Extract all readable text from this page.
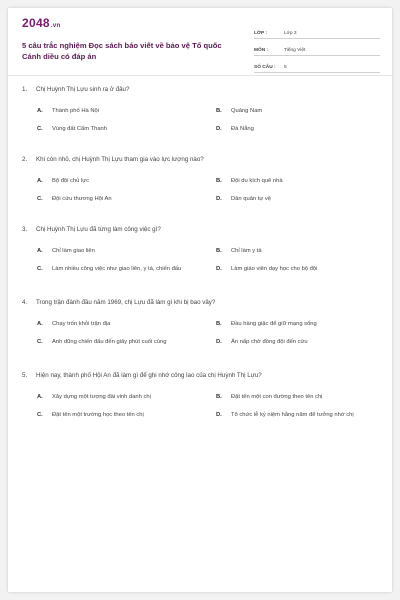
2048.vn
5 câu trắc nghiệm Đọc sách báo viết về bảo vệ Tổ quốc Cánh diều có đáp án
LỚP :	Lớp 3
MÔN :	Tiếng Việt
SỐ CÂU :	5
1.	Chị Huỳnh Thị Lựu sinh ra ở đâu?
A.	Thành phố Hà Nội	B.	Quảng Nam
C.	Vùng đất Cẩm Thanh	D.	Đà Nẵng
2.	Khi còn nhỏ, chị Huỳnh Thị Lựu tham gia vào lực lượng nào?
A.	Bộ đội chủ lực	B.	Đội du kích quê nhà
C.	Đội cứu thương Hội An	D.	Dân quân tự vệ
3.	Chị Huỳnh Thị Lựu đã từng làm công việc gì?
A.	Chỉ làm giao liên	B.	Chỉ làm y tá
C.	Làm nhiều công việc như giao liên, y tá, chiến đấu	D.	Làm giáo viên dạy học cho bộ đội
4.	Trong trận đánh đầu năm 1969, chị Lựu đã làm gì khi bị bao vây?
A.	Chạy trốn khỏi trận địa	B.	Đầu hàng giặc để giữ mạng sống
C.	Anh dũng chiến đấu đến giây phút cuối cùng	D.	Ẩn nấp chờ đồng đội đến cứu
5.	Hiện nay, thành phố Hội An đã làm gì để ghi nhớ công lao của chị Huỳnh Thị Lựu?
A.	Xây dựng một tượng đài vinh danh chị	B.	Đặt tên một con đường theo tên chị
C.	Đặt tên một trường học theo tên chị	D.	Tổ chức lễ kỷ niệm hằng năm để tưởng nhớ chị
